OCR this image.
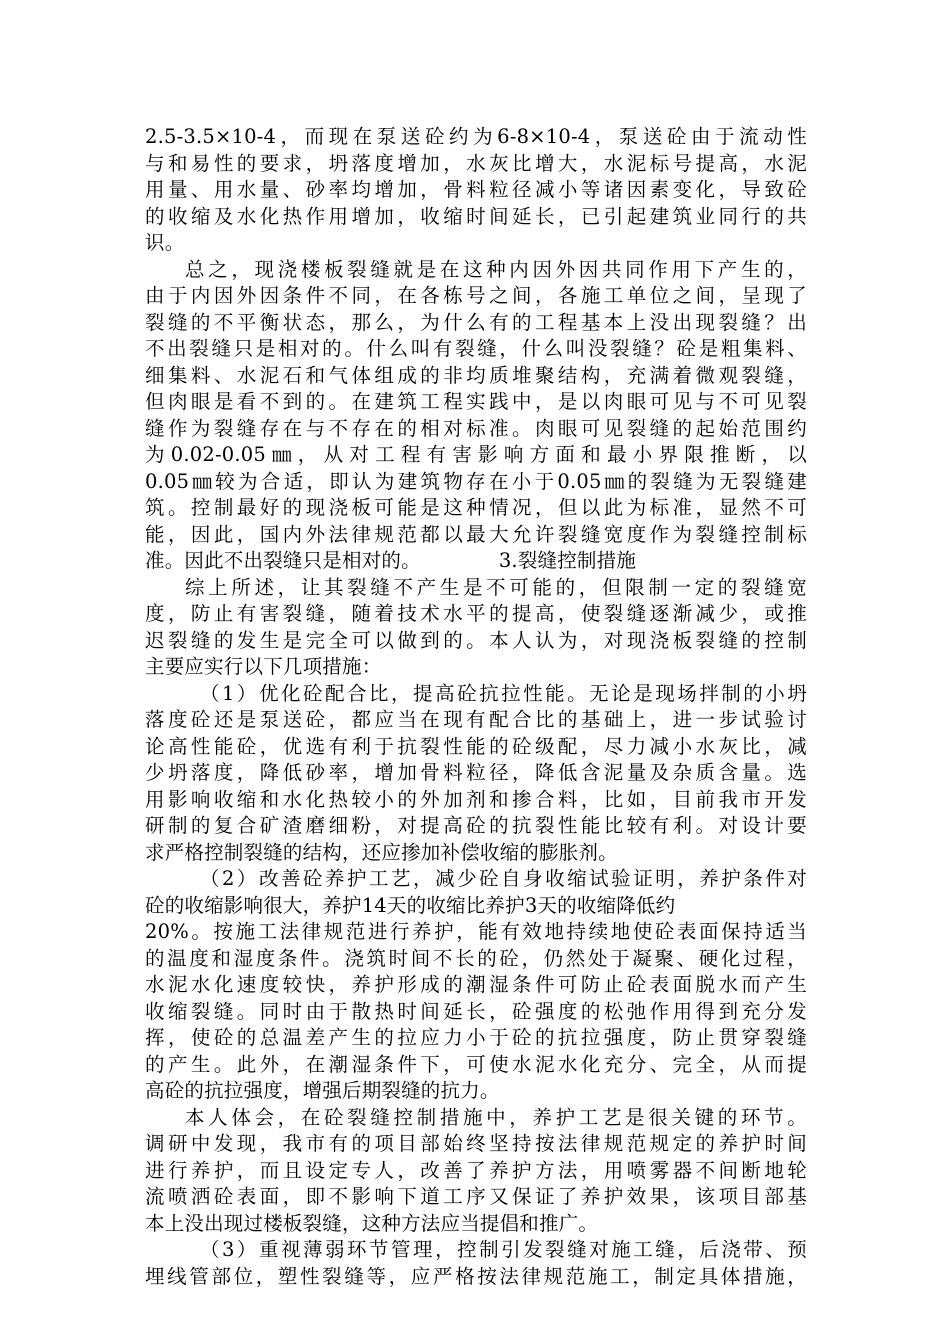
2.5-3.5×10-4，而现在泵送砼约为6-8×10-4，泵送砼由于流动性
与和易性的要求，坍落度增加，水灰比增大，水泥标号提高，水泥
用量、用水量、砂率均增加，骨料粒径减小等诸因素变化，导致砼
的收缩及水化热作用增加，收缩时间延长，已引起建筑业同行的共
识。
总之，现浇楼板裂缝就是在这种内因外因共同作用下产生的，
由于内因外因条件不同，在各栋号之间，各施工单位之间，呈现了
裂缝的不平衡状态，那么，为什么有的工程基本上没出现裂缝？出
不出裂缝只是相对的。什么叫有裂缝，什么叫没裂缝？砼是粗集料、
细集料、水泥石和气体组成的非均质堆聚结构，充满着微观裂缝，
但肉眼是看不到的。在建筑工程实践中，是以肉眼可见与不可见裂
缝作为裂缝存在与不存在的相对标准。肉眼可见裂缝的起始范围约
为0.02-0.05㎜，从对工程有害影响方面和最小界限推断，以
0.05㎜较为合适，即认为建筑物存在小于0.05㎜的裂缝为无裂缝建
筑。控制最好的现浇板可能是这种情况，但以此为标准，显然不可
能，因此，国内外法律规范都以最大允许裂缝宽度作为裂缝控制标
准。因此不出裂缝只是相对的。	3.裂缝控制措施
综上所述，让其裂缝不产生是不可能的，但限制一定的裂缝宽
度，防止有害裂缝，随着技术水平的提高，使裂缝逐渐减少，或推
迟裂缝的发生是完全可以做到的。本人认为，对现浇板裂缝的控制
主要应实行以下几项措施：
（1）优化砼配合比，提高砼抗拉性能。无论是现场拌制的小坍
落度砼还是泵送砼，都应当在现有配合比的基础上，进一步试验讨
论高性能砼，优选有利于抗裂性能的砼级配，尽力减小水灰比，减
少坍落度，降低砂率，增加骨料粒径，降低含泥量及杂质含量。选
用影响收缩和水化热较小的外加剂和掺合料，比如，目前我市开发
研制的复合矿渣磨细粉，对提高砼的抗裂性能比较有利。对设计要
求严格控制裂缝的结构，还应掺加补偿收缩的膨胀剂。
（2）改善砼养护工艺，减少砼自身收缩试验证明，养护条件对
砼的收缩影响很大，养护14天的收缩比养护3天的收缩降低约
20%。按施工法律规范进行养护，能有效地持续地使砼表面保持适当
的温度和湿度条件。浇筑时间不长的砼，仍然处于凝聚、硬化过程，
水泥水化速度较快，养护形成的潮湿条件可防止砼表面脱水而产生
收缩裂缝。同时由于散热时间延长，砼强度的松弛作用得到充分发
挥，使砼的总温差产生的拉应力小于砼的抗拉强度，防止贯穿裂缝
的产生。此外，在潮湿条件下，可使水泥水化充分、完全，从而提
高砼的抗拉强度，增强后期裂缝的抗力。
本人体会，在砼裂缝控制措施中，养护工艺是很关键的环节。
调研中发现，我市有的项目部始终坚持按法律规范规定的养护时间
进行养护，而且设定专人，改善了养护方法，用喷雾器不间断地轮
流喷洒砼表面，即不影响下道工序又保证了养护效果，该项目部基
本上没出现过楼板裂缝，这种方法应当提倡和推广。
（3）重视薄弱环节管理，控制引发裂缝对施工缝，后浇带、预
埋线管部位，塑性裂缝等，应严格按法律规范施工，制定具体措施，
